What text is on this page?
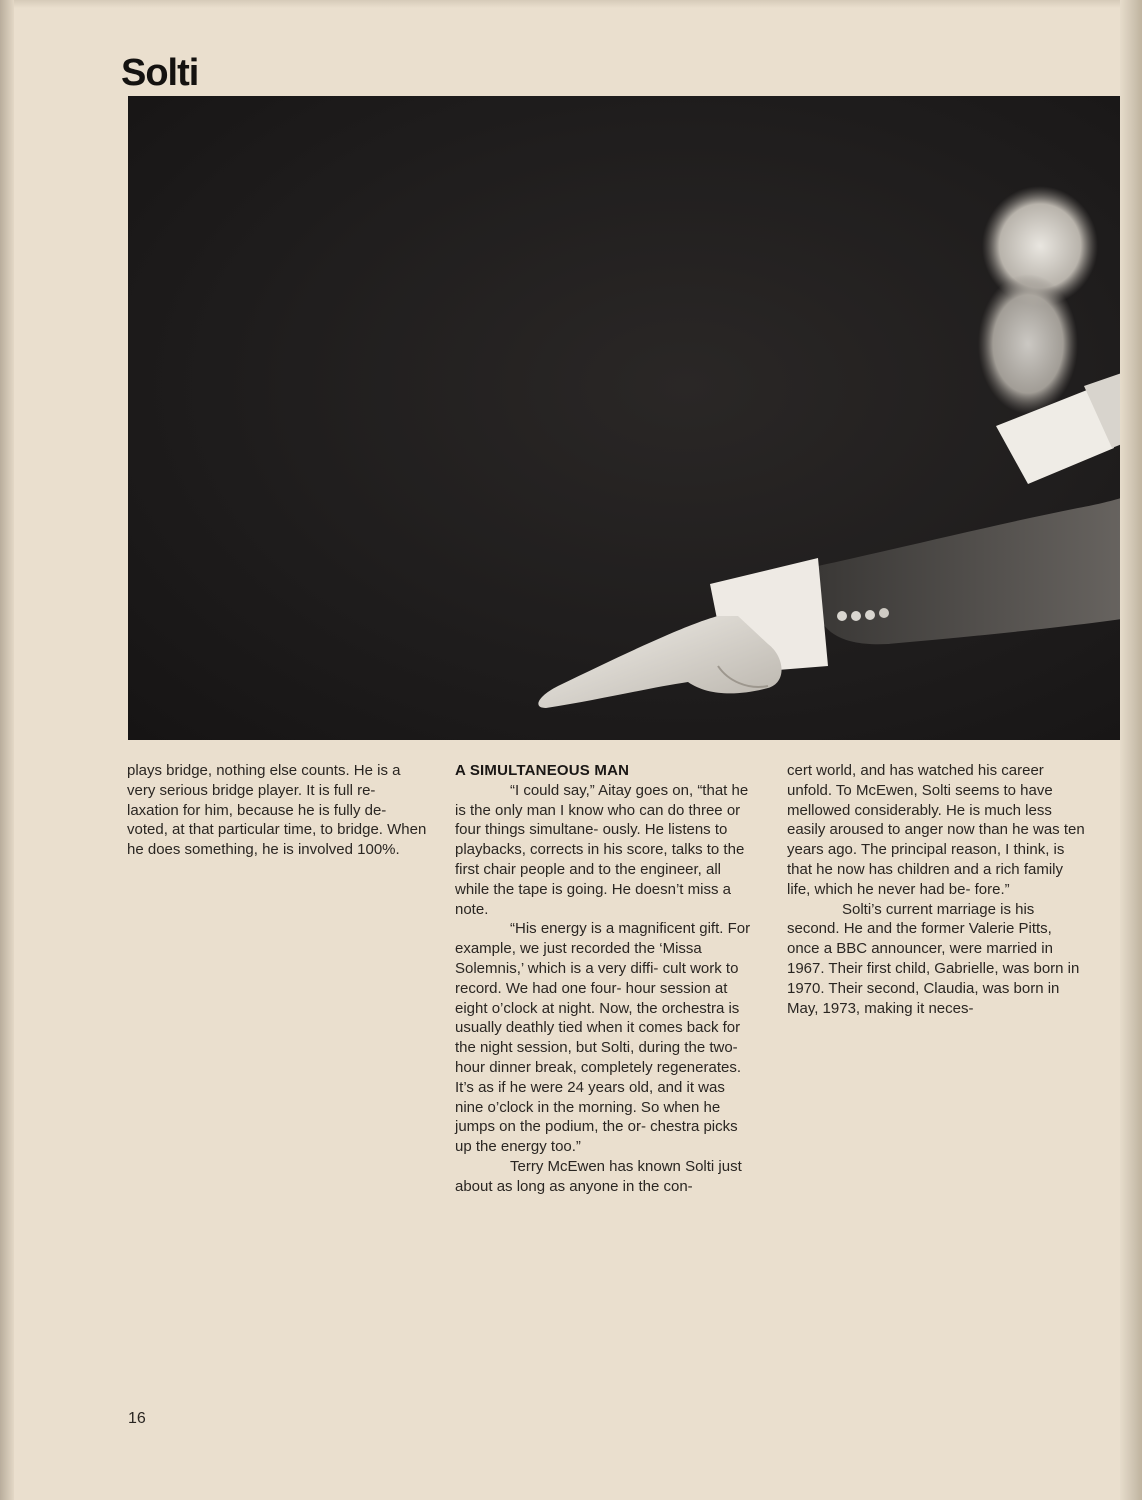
Solti

plays bridge, nothing else counts. He is a very serious bridge player. It is full re- laxation for him, because he is fully de- voted, at that particular time, to bridge. When he does something, he is involved 100%.

A SIMULTANEOUS MAN

“I could say,” Aitay goes on, “that he is the only man I know who can do three or four things simultane- ously. He listens to playbacks, corrects in his score, talks to the first chair people and to the engineer, all while the tape is going. He doesn’t miss a note.

“His energy is a magnificent gift. For example, we just recorded the ‘Missa Solemnis,’ which is a very diffi- cult work to record. We had one four- hour session at eight o’clock at night. Now, the orchestra is usually deathly tied when it comes back for the night session, but Solti, during the two-hour dinner break, completely regenerates. It’s as if he were 24 years old, and it was nine o’clock in the morning. So when he jumps on the podium, the or- chestra picks up the energy too.”

Terry McEwen has known Solti just about as long as anyone in the con-

cert world, and has watched his career unfold. To McEwen, Solti seems to have mellowed considerably. He is much less easily aroused to anger now than he was ten years ago. The principal reason, I think, is that he now has children and a rich family life, which he never had be- fore.”

Solti’s current marriage is his second. He and the former Valerie Pitts, once a BBC announcer, were married in 1967. Their first child, Gabrielle, was born in 1970. Their second, Claudia, was born in May, 1973, making it neces-

16
